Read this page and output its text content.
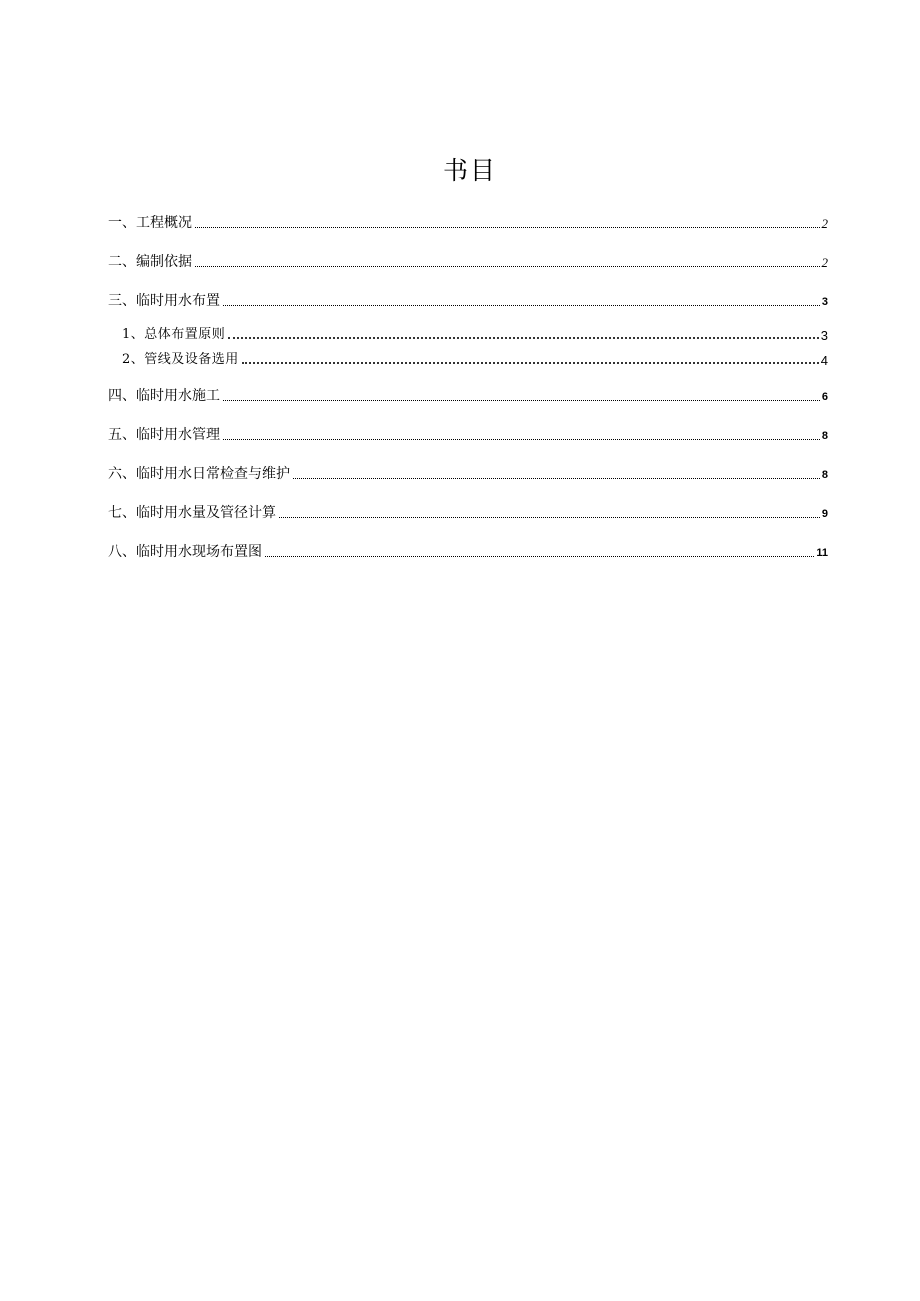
书目
一、工程概况	2
二、编制依据	2
三、临时用水布置	3
1、总体布置原则	3
2、管线及设备选用	4
四、临时用水施工	6
五、临时用水管理	8
六、临时用水日常检查与维护	8
七、临时用水量及管径计算	9
八、临时用水现场布置图	11
